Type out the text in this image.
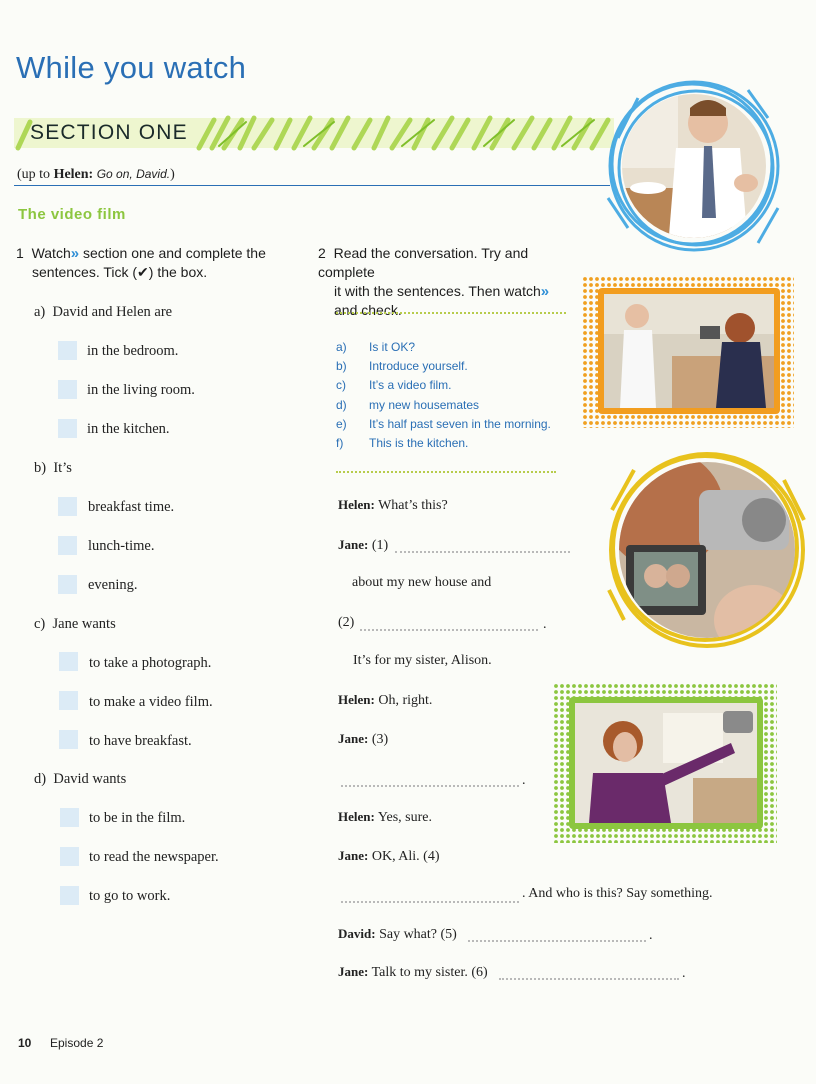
While you watch
SECTION ONE
(up to Helen: Go on, David.)
The video film
1 Watch» section one and complete the
sentences. Tick (✔) the box.
a) David and Helen are
in the bedroom.
in the living room.
in the kitchen.
b) It’s
breakfast time.
lunch-time.
evening.
c) Jane wants
to take a photograph.
to make a video film.
to have breakfast.
d) David wants
to be in the film.
to read the newspaper.
to go to work.
2 Read the conversation. Try and complete
it with the sentences. Then watch»
and check.
a) Is it OK?
b) Introduce yourself.
c) It’s a video film.
d) my new housemates
e) It’s half past seven in the morning.
f) This is the kitchen.
Helen: What’s this?
Jane: (1)
about my new house and
(2)	.
It’s for my sister, Alison.
Helen: Oh, right.
Jane: (3)
.
Helen: Yes, sure.
Jane: OK, Ali. (4)
. And who is this? Say something.
David: Say what? (5)	.
Jane: Talk to my sister. (6)	.
10 Episode 2
